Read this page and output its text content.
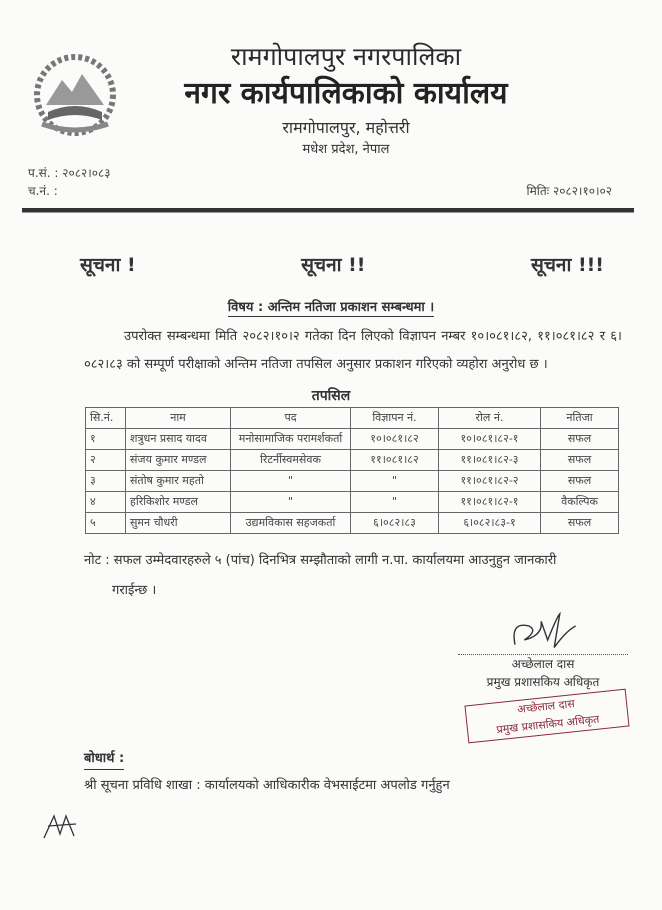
रामगोपालपुर नगरपालिका
नगर कार्यपालिकाको कार्यालय
रामगोपालपुर, महोत्तरी
मधेश प्रदेश, नेपाल
प.सं. : २०८२।०८३
च.नं. :	मितिः २०८२।१०।०२
सूचना !	सूचना !!	सूचना !!!
विषय : अन्तिम नतिजा प्रकाशन सम्बन्धमा ।
उपरोक्त सम्बन्धमा मिति २०८२।१०।२ गतेका दिन लिएको विज्ञापन नम्बर १०।०८१।८२, ११।०८१।८२ र ६।०८२।८३ को सम्पूर्ण परीक्षाको अन्तिम नतिजा तपसिल अनुसार प्रकाशन गरिएको व्यहोरा अनुरोध छ ।
तपसिल
सि.नं.	नाम	पद	विज्ञापन नं.	रोल नं.	नतिजा
१	शत्रुधन प्रसाद यादव	मनोसामाजिक परामर्शकर्ता	१०।०८१।८२	१०।०८१।८२-१	सफल
२	संजय कुमार मण्डल	रिटर्नीस्वमसेवक	११।०८१।८२	११।०८१।८२-३	सफल
३	संतोष कुमार महतो	"	"	११।०८१।८२-२	सफल
४	हरिकिशोर मण्डल	"	"	११।०८१।८२-१	वैकल्पिक
५	सुमन चौधरी	उद्यमविकास सहजकर्ता	६।०८२।८३	६।०८२।८३-१	सफल
नोट : सफल उम्मेदवारहरुले ५ (पांच) दिनभित्र सम्झौताको लागी न.पा. कार्यालयमा आउनुहुन जानकारी
गराईन्छ ।
अच्छेलाल दास
प्रमुख प्रशासकिय अधिकृत
अच्छेलाल दास
प्रमुख प्रशासकिय अधिकृत
बोधार्थ :
श्री सूचना प्रविधि शाखा : कार्यालयको आधिकारीक वेभसाईटमा अपलोड गर्नुहुन
